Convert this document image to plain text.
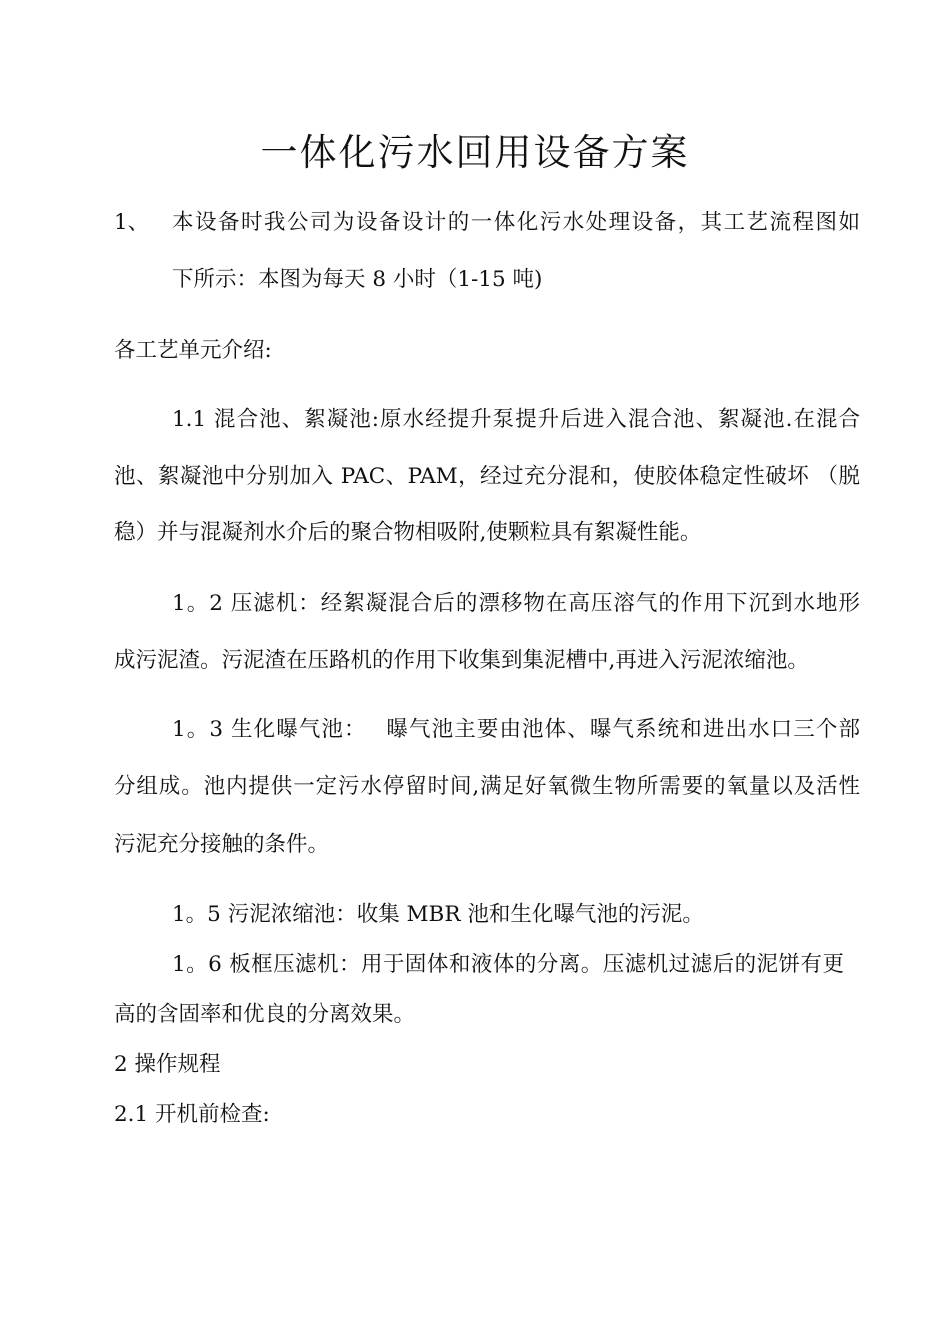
一体化污水回用设备方案
1、 本设备时我公司为设备设计的一体化污水处理设备，其工艺流程图如
下所示：本图为每天 8 小时（1-15 吨)
各工艺单元介绍:
1.1 混合池、絮凝池:原水经提升泵提升后进入混合池、絮凝池.在混合
池、絮凝池中分别加入 PAC、PAM，经过充分混和，使胶体稳定性破坏 （脱
稳）并与混凝剂水介后的聚合物相吸附,使颗粒具有絮凝性能。
1。2 压滤机：经絮凝混合后的漂移物在高压溶气的作用下沉到水地形
成污泥渣。污泥渣在压路机的作用下收集到集泥槽中,再进入污泥浓缩池。
1。3 生化曝气池：　 曝气池主要由池体、曝气系统和进出水口三个部
分组成。池内提供一定污水停留时间,满足好氧微生物所需要的氧量以及活性
污泥充分接触的条件。
1。5 污泥浓缩池：收集 MBR 池和生化曝气池的污泥。
1。6 板框压滤机：用于固体和液体的分离。压滤机过滤后的泥饼有更
高的含固率和优良的分离效果。
2 操作规程
2.1 开机前检查:
